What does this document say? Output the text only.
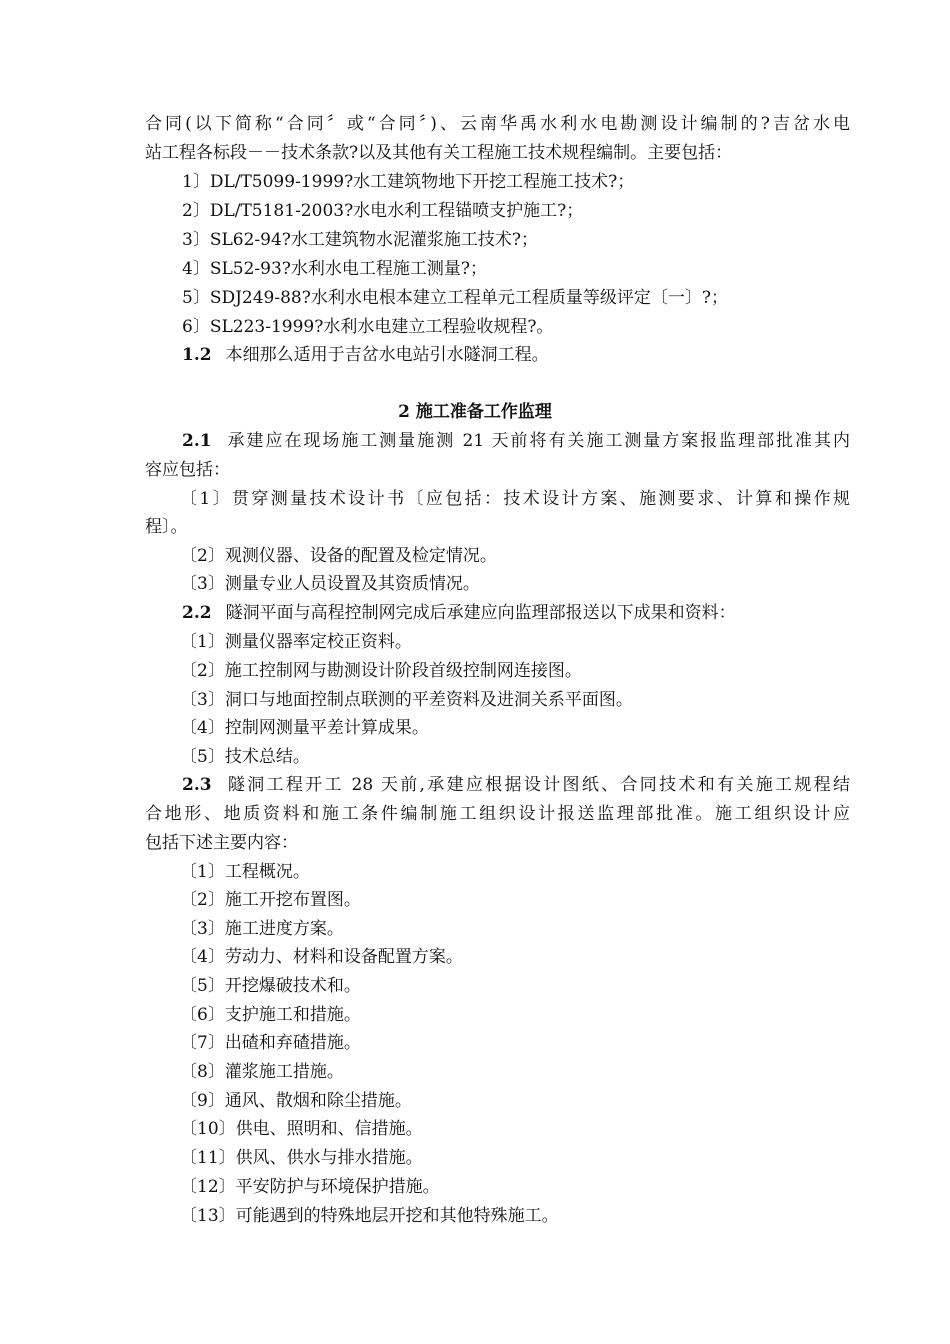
合同(以下简称“合同〞或“合同〞)、云南华禹水利水电勘测设计编制的?吉岔水电
站工程各标段－－技术条款?以及其他有关工程施工技术规程编制。主要包括：
1〕DL/T5099-1999?水工建筑物地下开挖工程施工技术?；
2〕DL/T5181-2003?水电水利工程锚喷支护施工?；
3〕SL62-94?水工建筑物水泥灌浆施工技术?；
4〕SL52-93?水利水电工程施工测量?；
5〕SDJ249-88?水利水电根本建立工程单元工程质量等级评定〔一〕?；
6〕SL223-1999?水利水电建立工程验收规程?。
1.2 本细那么适用于吉岔水电站引水隧洞工程。
2 施工准备工作监理
2.1 承建应在现场施工测量施测 21 天前将有关施工测量方案报监理部批准其内
容应包括：
〔1〕贯穿测量技术设计书〔应包括：技术设计方案、施测要求、计算和操作规
程〕。
〔2〕观测仪器、设备的配置及检定情况。
〔3〕测量专业人员设置及其资质情况。
2.2 隧洞平面与高程控制网完成后承建应向监理部报送以下成果和资料：
〔1〕测量仪器率定校正资料。
〔2〕施工控制网与勘测设计阶段首级控制网连接图。
〔3〕洞口与地面控制点联测的平差资料及进洞关系平面图。
〔4〕控制网测量平差计算成果。
〔5〕技术总结。
2.3 隧洞工程开工 28 天前,承建应根据设计图纸、合同技术和有关施工规程结
合地形、地质资料和施工条件编制施工组织设计报送监理部批准。施工组织设计应
包括下述主要内容：
〔1〕工程概况。
〔2〕施工开挖布置图。
〔3〕施工进度方案。
〔4〕劳动力、材料和设备配置方案。
〔5〕开挖爆破技术和。
〔6〕支护施工和措施。
〔7〕出碴和弃碴措施。
〔8〕灌浆施工措施。
〔9〕通风、散烟和除尘措施。
〔10〕供电、照明和、信措施。
〔11〕供风、供水与排水措施。
〔12〕平安防护与环境保护措施。
〔13〕可能遇到的特殊地层开挖和其他特殊施工。
